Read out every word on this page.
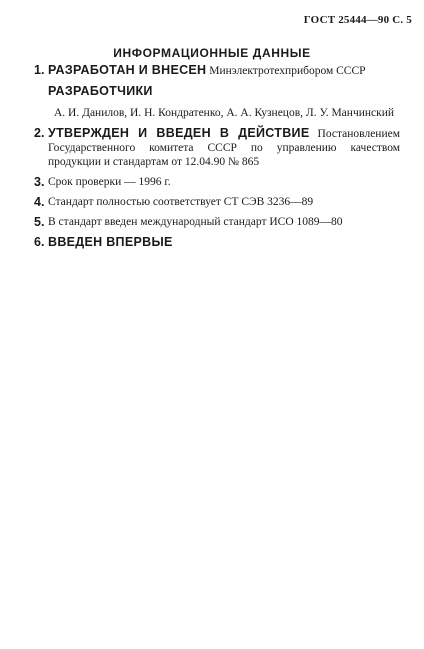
ГОСТ 25444—90 С. 5
ИНФОРМАЦИОННЫЕ ДАННЫЕ
1. РАЗРАБОТАН И ВНЕСЕН Минэлектротехприбором СССР
РАЗРАБОТЧИКИ
А. И. Данилов, И. Н. Кондратенко, А. А. Кузнецов, Л. У. Манчинский
2. УТВЕРЖДЕН И ВВЕДЕН В ДЕЙСТВИЕ Постановлением Государственного комитета СССР по управлению качеством продукции и стандартам от 12.04.90 № 865
3. Срок проверки — 1996 г.
4. Стандарт полностью соответствует СТ СЭВ 3236—89
5. В стандарт введен международный стандарт ИСО 1089—80
6. ВВЕДЕН ВПЕРВЫЕ
